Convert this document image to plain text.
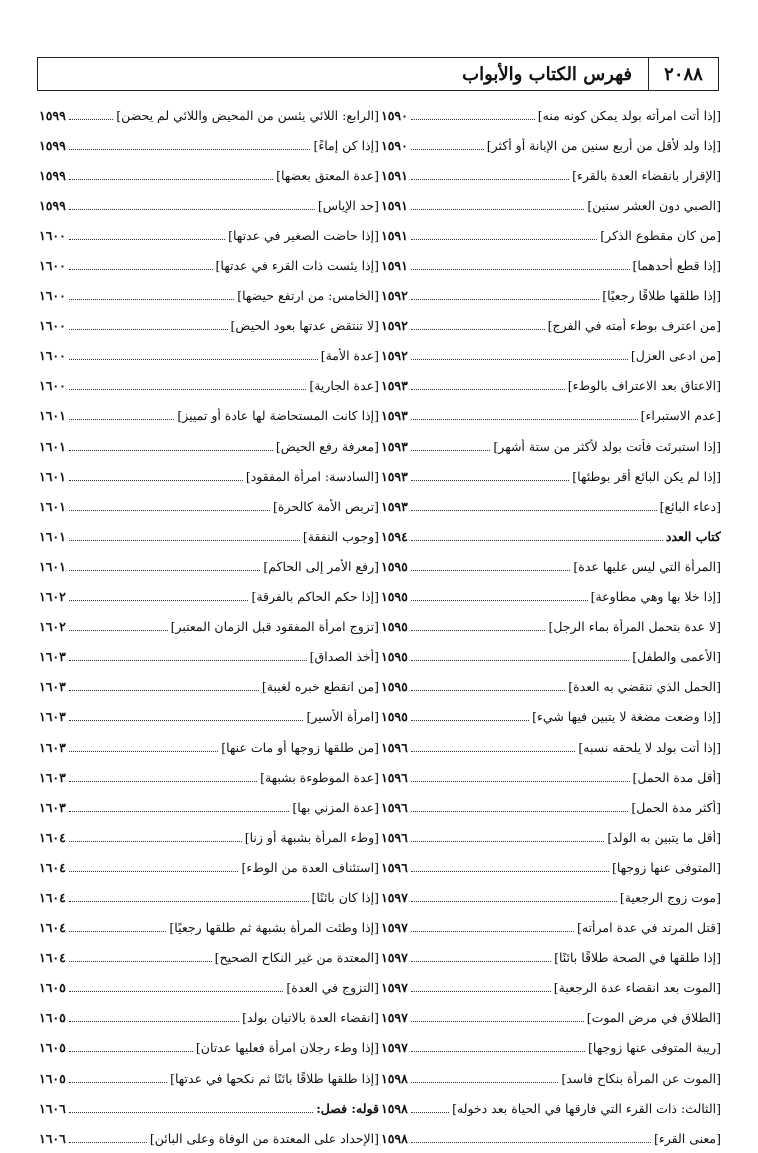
٢٠٨٨
فهرس الكتاب والأبواب
[إذا أتت امرأته بولد يمكن كونه منه]
١٥٩٠
[إذا ولد لأقل من أربع سنين من الإبانة أو أكثر]
١٥٩٠
[الإقرار بانقضاء العدة بالقرء]
١٥٩١
[الصبي دون العشر سنين]
١٥٩١
[من كان مقطوع الذكر]
١٥٩١
[إذا قطع أحدهما]
١٥٩١
[إذا طلقها طلاقًا رجعيًا]
١٥٩٢
[من اعترف بوطء أمته في الفرج]
١٥٩٢
[من ادعى العزل]
١٥٩٢
[الاعتاق بعد الاعتراف بالوطء]
١٥٩٣
[عدم الاستبراء]
١٥٩٣
[إذا استبرئت فأتت بولد لأكثر من ستة أشهر]
١٥٩٣
[إذا لم يكن البائع أقر بوطئها]
١٥٩٣
[دعاء البائع]
١٥٩٣
كتاب العدد
١٥٩٤
[المرأة التي ليس عليها عدة]
١٥٩٥
[إذا خلا بها وهي مطاوعة]
١٥٩٥
[لا عدة بتحمل المرأة بماء الرجل]
١٥٩٥
[الأعمى والطفل]
١٥٩٥
[الحمل الذي تنقضي به العدة]
١٥٩٥
[إذا وضعت مضغة لا يتبين فيها شيء]
١٥٩٥
[إذا أتت بولد لا يلحقه نسبه]
١٥٩٦
[أقل مدة الحمل]
١٥٩٦
[أكثر مدة الحمل]
١٥٩٦
[أقل ما يتبين به الولد]
١٥٩٦
[المتوفى عنها زوجها]
١٥٩٦
[موت زوج الرجعية]
١٥٩٧
[قتل المرتد في عدة امرأته]
١٥٩٧
[إذا طلقها في الصحة طلاقًا بائنًا]
١٥٩٧
[الموت بعد انقضاء عدة الرجعية]
١٥٩٧
[الطلاق في مرض الموت]
١٥٩٧
[ريبة المتوفى عنها زوجها]
١٥٩٧
[الموت عن المرأة بنكاح فاسد]
١٥٩٨
[الثالث: ذات القرء التي فارقها في الحياة بعد دخوله]
١٥٩٨
[معنى القرء]
١٥٩٨
[الرابع: اللائي يئسن من المحيض واللائي لم يحضن]
١٥٩٩
[إذا كن إماءً]
١٥٩٩
[عدة المعتق بعضها]
١٥٩٩
[حد الإياس]
١٥٩٩
[إذا حاضت الصغير في عدتها]
١٦٠٠
[إذا يئست ذات القرء في عدتها]
١٦٠٠
[الخامس: من ارتفع حيضها]
١٦٠٠
[لا تنتقض عدتها بعود الحيض]
١٦٠٠
[عدة الأمة]
١٦٠٠
[عدة الجارية]
١٦٠٠
[إذا كانت المستحاضة لها عادة أو تمييز]
١٦٠١
[معرفة رفع الحيض]
١٦٠١
[السادسة: امرأة المفقود]
١٦٠١
[تربص الأمة كالحرة]
١٦٠١
[وجوب النفقة]
١٦٠١
[رفع الأمر إلى الحاكم]
١٦٠١
[إذا حكم الحاكم بالفرقة]
١٦٠٢
[تزوج امرأة المفقود قبل الزمان المعتبر]
١٦٠٢
[أخذ الصداق]
١٦٠٣
[من انقطع خبره لغيبة]
١٦٠٣
[امرأة الأسير]
١٦٠٣
[من طلقها زوجها أو مات عنها]
١٦٠٣
[عدة الموطوءة بشبهة]
١٦٠٣
[عدة المزني بها]
١٦٠٣
[وطء المرأة بشبهة أو زنا]
١٦٠٤
[استئناف العدة من الوطء]
١٦٠٤
[إذا كان بائنًا]
١٦٠٤
[إذا وطئت المرأة بشبهة ثم طلقها رجعيًا]
١٦٠٤
[المعتدة من غير النكاح الصحيح]
١٦٠٤
[التزوج في العدة]
١٦٠٥
[انقضاء العدة بالاتيان بولد]
١٦٠٥
[إذا وطء رجلان امرأة فعليها عدتان]
١٦٠٥
[إذا طلقها طلاقًا بائنًا ثم نكحها في عدتها]
١٦٠٥
قوله: فصل:
١٦٠٦
[الإحداد على المعتدة من الوفاة وعلى البائن]
١٦٠٦
